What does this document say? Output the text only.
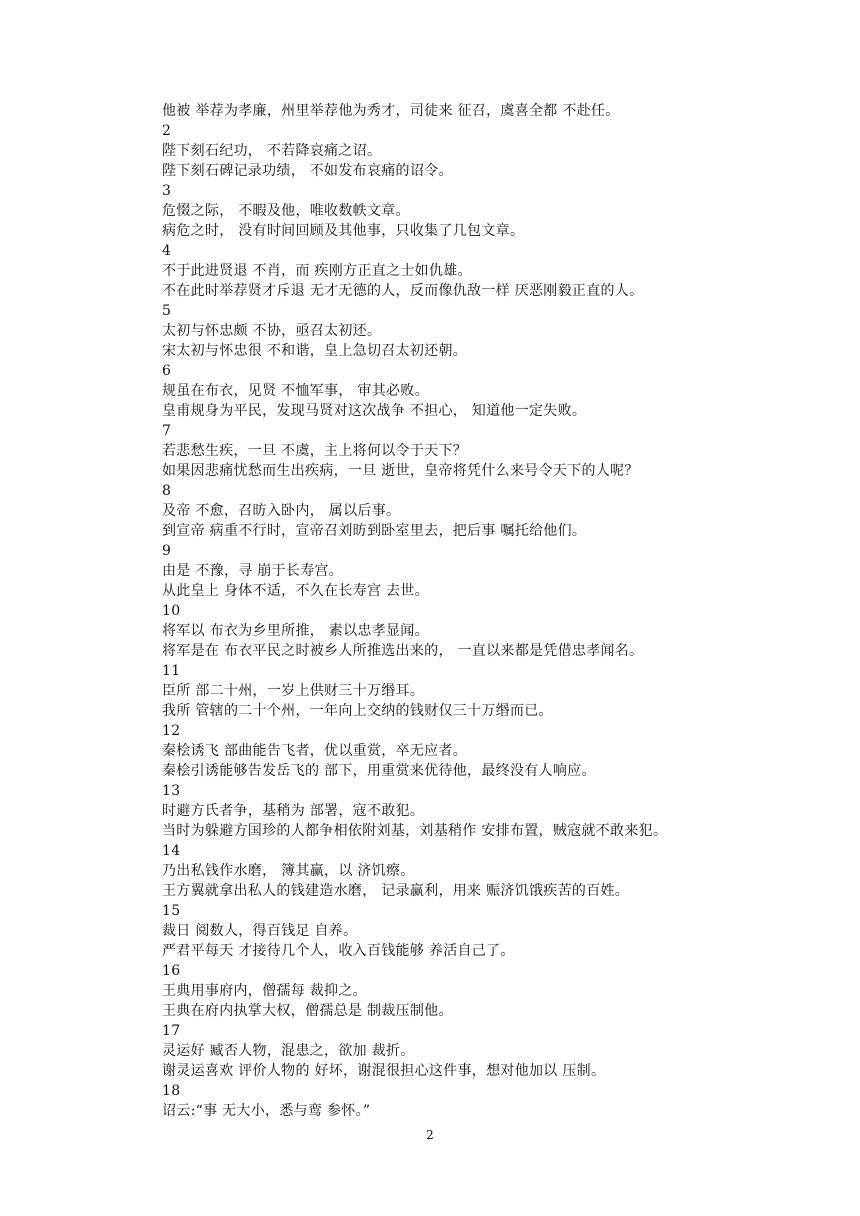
他被 举荐为孝廉，州里举荐他为秀才，司徒来 征召，虞喜全都 不赴任。
2
陛下刻石纪功， 不若降哀痛之诏。
陛下刻石碑记录功绩， 不如发布哀痛的诏令。
3
危惙之际， 不暇及他，唯收数帙文章。
病危之时， 没有时间回顾及其他事，只收集了几包文章。
4
不于此进贤退 不肖，而 疾刚方正直之士如仇雄。
不在此时举荐贤才斥退 无才无德的人，反而像仇敌一样 厌恶刚毅正直的人。
5
太初与怀忠颇 不协，亟召太初还。
宋太初与怀忠很 不和谐，皇上急切召太初还朝。
6
规虽在布衣，见贤 不恤军事， 审其必败。
皇甫规身为平民，发现马贤对这次战争 不担心， 知道他一定失败。
7
若悲愁生疾，一旦 不虞，主上将何以令于天下？
如果因悲痛忧愁而生出疾病，一旦 逝世，皇帝将凭什么来号令天下的人呢？
8
及帝 不愈，召昉入卧内， 属以后事。
到宣帝 病重不行时，宣帝召刘昉到卧室里去，把后事 嘱托给他们。
9
由是 不豫，寻 崩于长寿宫。
从此皇上 身体不适，不久在长寿宫 去世。
10
将军以 布衣为乡里所推， 素以忠孝显闻。
将军是在 布衣平民之时被乡人所推选出来的， 一直以来都是凭借忠孝闻名。
11
臣所 部二十州，一岁上供财三十万缗耳。
我所 管辖的二十个州，一年向上交纳的钱财仅三十万缗而已。
12
秦桧诱飞 部曲能告飞者，优以重赏，卒无应者。
秦桧引诱能够告发岳飞的 部下，用重赏来优待他，最终没有人响应。
13
时避方氏者争，基稍为 部署，寇不敢犯。
当时为躲避方国珍的人都争相依附刘基，刘基稍作 安排布置，贼寇就不敢来犯。
14
乃出私钱作水磨， 簿其赢，以 济饥瘵。
王方翼就拿出私人的钱建造水磨， 记录赢利，用来 赈济饥饿疾苦的百姓。
15
裁日 阅数人，得百钱足 自养。
严君平每天 才接待几个人，收入百钱能够 养活自己了。
16
王典用事府内，僧孺每 裁抑之。
王典在府内执掌大权，僧孺总是 制裁压制他。
17
灵运好 臧否人物，混患之，欲加 裁折。
谢灵运喜欢 评价人物的 好坏，谢混很担心这件事，想对他加以 压制。
18
诏云:“事 无大小，悉与鸾 参怀。”
2
